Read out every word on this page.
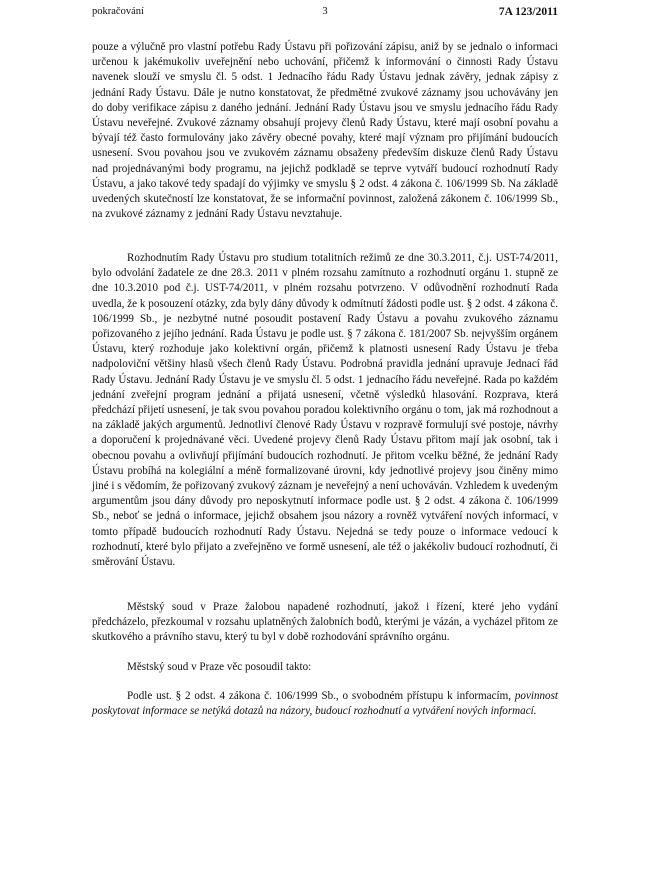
pokračování	3	7A 123/2011

pouze a výlučně pro vlastní potřebu Rady Ústavu při pořizování zápisu, aniž by se jednalo o informaci určenou k jakémukoliv uveřejnění nebo uchování, přičemž k informování o činnosti Rady Ústavu navenek slouží ve smyslu čl. 5 odst. 1 Jednacího řádu Rady Ústavu jednak závěry, jednak zápisy z jednání Rady Ústavu. Dále je nutno konstatovat, že předmětné zvukové záznamy jsou uchovávány jen do doby verifikace zápisu z daného jednání. Jednání Rady Ústavu jsou ve smyslu jednacího řádu Rady Ústavu neveřejné. Zvukové záznamy obsahují projevy členů Rady Ústavu, které mají osobní povahu a bývají též často formulovány jako závěry obecné povahy, které mají význam pro přijímání budoucích usnesení. Svou povahou jsou ve zvukovém záznamu obsaženy především diskuze členů Rady Ústavu nad projednávanými body programu, na jejichž podkladě se teprve vytváří budoucí rozhodnutí Rady Ústavu, a jako takové tedy spadají do výjimky ve smyslu § 2 odst. 4 zákona č. 106/1999 Sb. Na základě uvedených skutečností lze konstatovat, že se informační povinnost, založená zákonem č. 106/1999 Sb., na zvukové záznamy z jednání Rady Ústavu nevztahuje.

Rozhodnutím Rady Ústavu pro studium totalitních režimů ze dne 30.3.2011, č.j. UST-74/2011, bylo odvolání žadatele ze dne 28.3. 2011 v plném rozsahu zamítnuto a rozhodnutí orgánu 1. stupně ze dne 10.3.2010 pod č.j. UST-74/2011, v plném rozsahu potvrzeno. V odůvodnění rozhodnutí Rada uvedla, že k posouzení otázky, zda byly dány důvody k odmítnutí žádosti podle ust. § 2 odst. 4 zákona č. 106/1999 Sb., je nezbytné nutné posoudit postavení Rady Ústavu a povahu zvukového záznamu pořizovaného z jejího jednání. Rada Ústavu je podle ust. § 7 zákona č. 181/2007 Sb. nejvyšším orgánem Ústavu, který rozhoduje jako kolektivní orgán, přičemž k platnosti usnesení Rady Ústavu je třeba nadpoloviční většiny hlasů všech členů Rady Ústavu. Podrobná pravidla jednání upravuje Jednací řád Rady Ústavu. Jednání Rady Ústavu je ve smyslu čl. 5 odst. 1 jednacího řádu neveřejné. Rada po každém jednání zveřejní program jednání a přijatá usnesení, včetně výsledků hlasování. Rozprava, která předchází přijetí usnesení, je tak svou povahou poradou kolektivního orgánu o tom, jak má rozhodnout a na základě jakých argumentů. Jednotliví členové Rady Ústavu v rozpravě formulují své postoje, návrhy a doporučení k projednávané věci. Uvedené projevy členů Rady Ústavu přitom mají jak osobní, tak i obecnou povahu a ovlivňují přijímání budoucích rozhodnutí. Je přitom vcelku běžné, že jednání Rady Ústavu probíhá na kolegiální a méně formalizované úrovni, kdy jednotlivé projevy jsou činěny mimo jiné i s vědomím, že pořizovaný zvukový záznam je neveřejný a není uchováván. Vzhledem k uvedeným argumentům jsou dány důvody pro neposkytnutí informace podle ust. § 2 odst. 4 zákona č. 106/1999 Sb., neboť se jedná o informace, jejichž obsahem jsou názory a rovněž vytváření nových informací, v tomto případě budoucích rozhodnutí Rady Ústavu. Nejedná se tedy pouze o informace vedoucí k rozhodnutí, které bylo přijato a zveřejněno ve formě usnesení, ale též o jakékoliv budoucí rozhodnutí, či směrování Ústavu.

Městský soud v Praze žalobou napadené rozhodnutí, jakož i řízení, které jeho vydání předcházelo, přezkoumal v rozsahu uplatněných žalobních bodů, kterými je vázán, a vycházel přitom ze skutkového a právního stavu, který tu byl v době rozhodování správního orgánu.

Městský soud v Praze věc posoudil takto:

Podle ust. § 2 odst. 4 zákona č. 106/1999 Sb., o svobodném přístupu k informacím, povinnost poskytovat informace se netýká dotazů na názory, budoucí rozhodnutí a vytváření nových informací.
